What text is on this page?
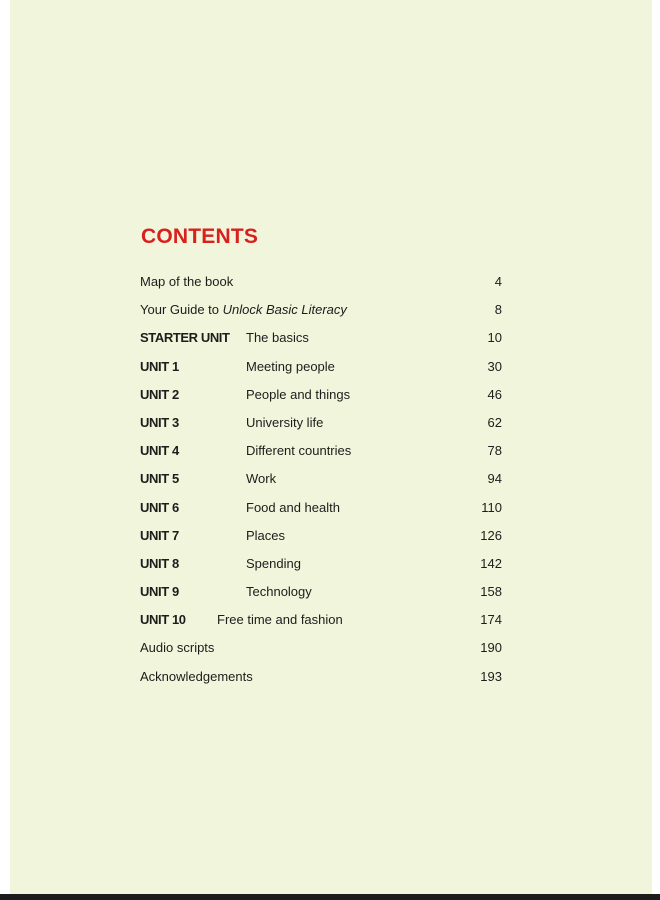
CONTENTS
Map of the book	4
Your Guide to Unlock Basic Literacy	8
STARTER UNIT The basics	10
UNIT 1	Meeting people	30
UNIT 2	People and things	46
UNIT 3	University life	62
UNIT 4	Different countries	78
UNIT 5	Work	94
UNIT 6	Food and health	110
UNIT 7	Places	126
UNIT 8	Spending	142
UNIT 9	Technology	158
UNIT 10 Free time and fashion	174
Audio scripts	190
Acknowledgements	193
